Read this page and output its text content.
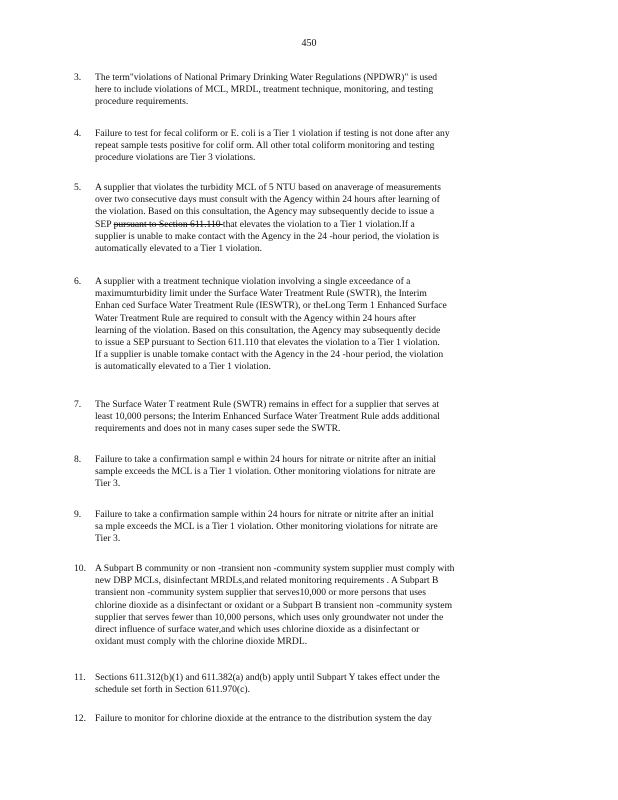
450
3.	The term"violations of National Primary Drinking Water Regulations (NPDWR)" is used
here to include violations of MCL, MRDL, treatment technique, monitoring, and testing
procedure requirements.
4.	Failure to test for fecal coliform or E. coli is a Tier 1 violation if testing is not done after any
repeat sample tests positive for colif orm. All other total coliform monitoring and testing
procedure violations are Tier 3 violations.
5.	A supplier that violates the turbidity MCL of 5 NTU based on anaverage of measurements
over two consecutive days must consult with the Agency within 24 hours after learning of
the violation. Based on this consultation, the Agency may subsequently decide to issue a
SEP pursuant to Section 611.110 that elevates the violation to a Tier 1 violation.If a
supplier is unable to make contact with the Agency in the 24 -hour period, the violation is
automatically elevated to a Tier 1 violation.
6.	A supplier with a treatment technique violation involving a single exceedance of a
maximumturbidity limit under the Surface Water Treatment Rule (SWTR), the Interim
Enhan ced Surface Water Treatment Rule (IESWTR), or theLong Term 1 Enhanced Surface
Water Treatment Rule are required to consult with the Agency within 24 hours after
learning of the violation. Based on this consultation, the Agency may subsequently decide
to issue a SEP pursuant to Section 611.110 that elevates the violation to a Tier 1 violation.
If a supplier is unable tomake contact with the Agency in the 24 -hour period, the violation
is automatically elevated to a Tier 1 violation.
7.	The Surface Water T reatment Rule (SWTR) remains in effect for a supplier that serves at
least 10,000 persons; the Interim Enhanced Surface Water Treatment Rule adds additional
requirements and does not in many cases super sede the SWTR.
8.	Failure to take a confirmation sampl e within 24 hours for nitrate or nitrite after an initial
sample exceeds the MCL is a Tier 1 violation. Other monitoring violations for nitrate are
Tier 3.
9.	Failure to take a confirmation sample within 24 hours for nitrate or nitrite after an initial
sa mple exceeds the MCL is a Tier 1 violation. Other monitoring violations for nitrate are
Tier 3.
10. A Subpart B community or non -transient non -community system supplier must comply with
new DBP MCLs, disinfectant MRDLs,and related monitoring requirements . A Subpart B
transient non -community system supplier that serves10,000 or more persons that uses
chlorine dioxide as a disinfectant or oxidant or a Subpart B transient non -community system
supplier that serves fewer than 10,000 persons, which uses only groundwater not under the
direct influence of surface water,and which uses chlorine dioxide as a disinfectant or
oxidant must comply with the chlorine dioxide MRDL.
11. Sections 611.312(b)(1) and 611.382(a) and(b) apply until Subpart Y takes effect under the
schedule set forth in Section 611.970(c).
12. Failure to monitor for chlorine dioxide at the entrance to the distribution system the day
